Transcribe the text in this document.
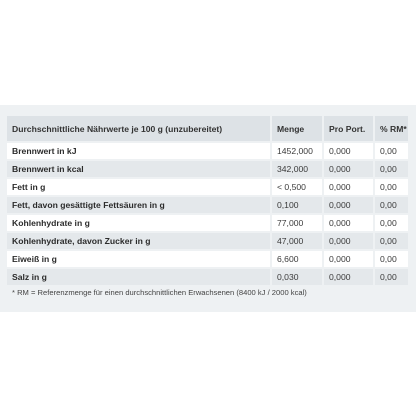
Durchschnittliche Nährwerte je 100 g (unzubereitet)	Menge	Pro Port.	% RM*
Brennwert in kJ	1452,000	0,000	0,00
Brennwert in kcal	342,000	0,000	0,00
Fett in g	< 0,500	0,000	0,00
Fett, davon gesättigte Fettsäuren in g	0,100	0,000	0,00
Kohlenhydrate in g	77,000	0,000	0,00
Kohlenhydrate, davon Zucker in g	47,000	0,000	0,00
Eiweiß in g	6,600	0,000	0,00
Salz in g	0,030	0,000	0,00
* RM = Referenzmenge für einen durchschnittlichen Erwachsenen (8400 kJ / 2000 kcal)
